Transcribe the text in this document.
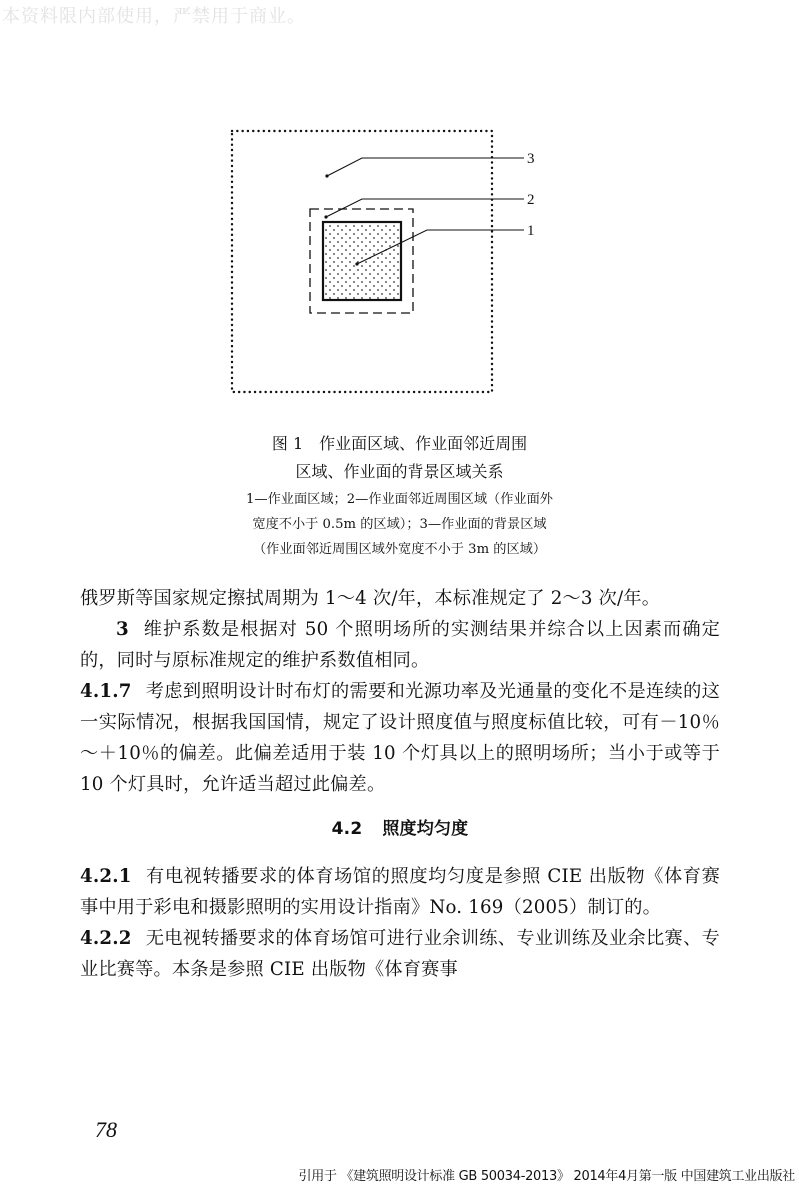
本资料限内部使用，严禁用于商业。
3
2
1
图 1　作业面区域、作业面邻近周围
区域、作业面的背景区域关系
1—作业面区域；2—作业面邻近周围区域（作业面外
宽度不小于 0.5m 的区域）；3—作业面的背景区域
（作业面邻近周围区域外宽度不小于 3m 的区域）

俄罗斯等国家规定擦拭周期为 1～4 次/年，本标准规定了 2～3 次/年。

3 维护系数是根据对 50 个照明场所的实测结果并综合以上因素而确定的，同时与原标准规定的维护系数值相同。

4.1.7 考虑到照明设计时布灯的需要和光源功率及光通量的变化不是连续的这一实际情况，根据我国国情，规定了设计照度值与照度标值比较，可有－10％～＋10％的偏差。此偏差适用于装 10 个灯具以上的照明场所；当小于或等于 10 个灯具时，允许适当超过此偏差。

4.2 照度均匀度

4.2.1 有电视转播要求的体育场馆的照度均匀度是参照 CIE 出版物《体育赛事中用于彩电和摄影照明的实用设计指南》No. 169（2005）制订的。

4.2.2 无电视转播要求的体育场馆可进行业余训练、专业训练及业余比赛、专业比赛等。本条是参照 CIE 出版物《体育赛事

78
引用于 《建筑照明设计标准 GB 50034-2013》 2014年4月第一版 中国建筑工业出版社
